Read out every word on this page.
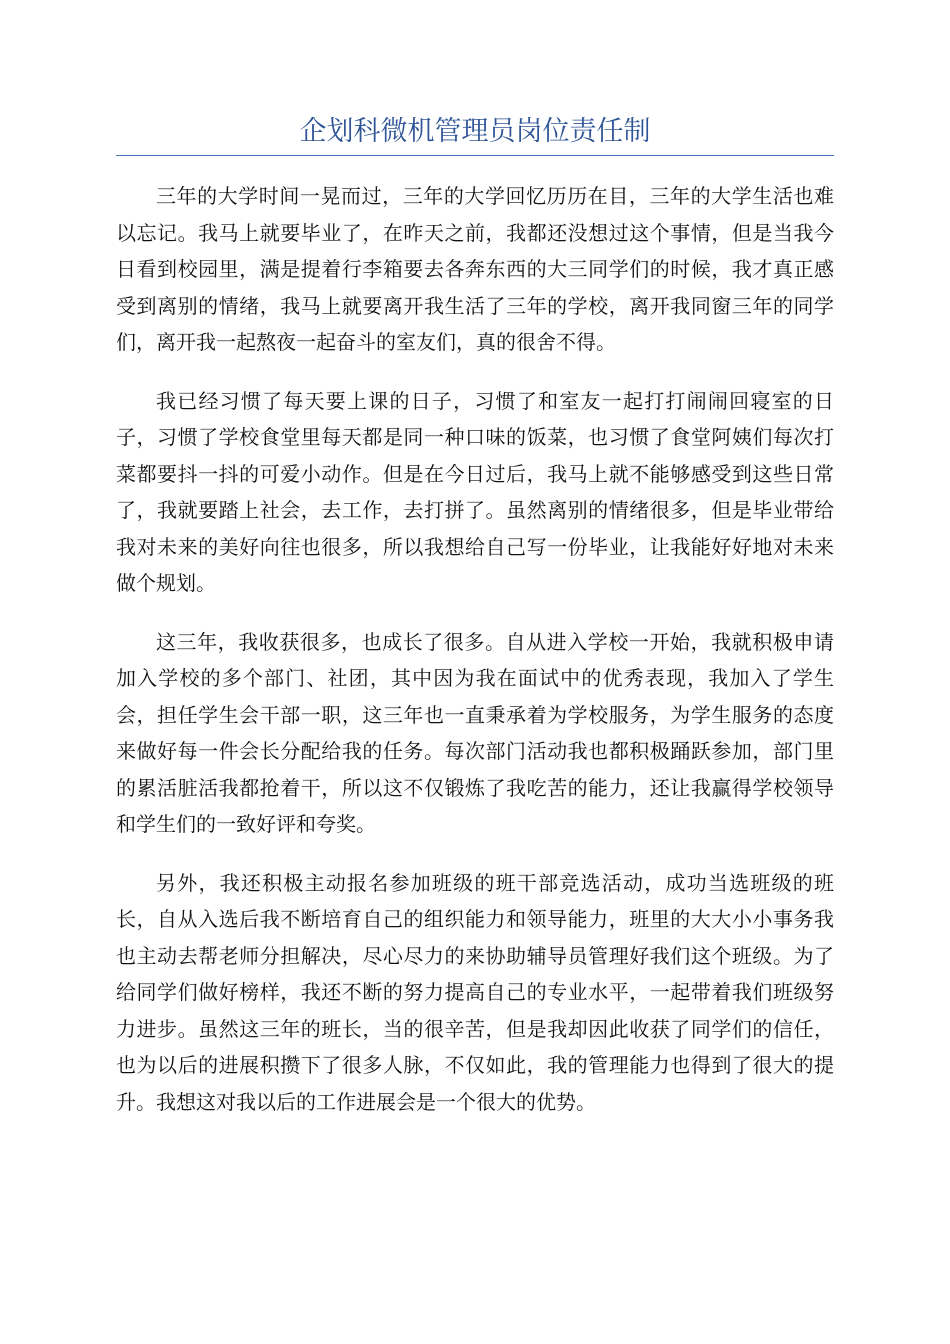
企划科微机管理员岗位责任制

三年的大学时间一晃而过，三年的大学回忆历历在目，三年的大学生活也难以忘记。我马上就要毕业了，在昨天之前，我都还没想过这个事情，但是当我今日看到校园里，满是提着行李箱要去各奔东西的大三同学们的时候，我才真正感受到离别的情绪，我马上就要离开我生活了三年的学校，离开我同窗三年的同学们，离开我一起熬夜一起奋斗的室友们，真的很舍不得。

我已经习惯了每天要上课的日子，习惯了和室友一起打打闹闹回寝室的日子，习惯了学校食堂里每天都是同一种口味的饭菜，也习惯了食堂阿姨们每次打菜都要抖一抖的可爱小动作。但是在今日过后，我马上就不能够感受到这些日常了，我就要踏上社会，去工作，去打拼了。虽然离别的情绪很多，但是毕业带给我对未来的美好向往也很多，所以我想给自己写一份毕业，让我能好好地对未来做个规划。

这三年，我收获很多，也成长了很多。自从进入学校一开始，我就积极申请加入学校的多个部门、社团，其中因为我在面试中的优秀表现，我加入了学生会，担任学生会干部一职，这三年也一直秉承着为学校服务，为学生服务的态度来做好每一件会长分配给我的任务。每次部门活动我也都积极踊跃参加，部门里的累活脏活我都抢着干，所以这不仅锻炼了我吃苦的能力，还让我赢得学校领导和学生们的一致好评和夸奖。

另外，我还积极主动报名参加班级的班干部竞选活动，成功当选班级的班长，自从入选后我不断培育自己的组织能力和领导能力，班里的大大小小事务我也主动去帮老师分担解决，尽心尽力的来协助辅导员管理好我们这个班级。为了给同学们做好榜样，我还不断的努力提高自己的专业水平，一起带着我们班级努力进步。虽然这三年的班长，当的很辛苦，但是我却因此收获了同学们的信任，也为以后的进展积攒下了很多人脉，不仅如此，我的管理能力也得到了很大的提升。我想这对我以后的工作进展会是一个很大的优势。
